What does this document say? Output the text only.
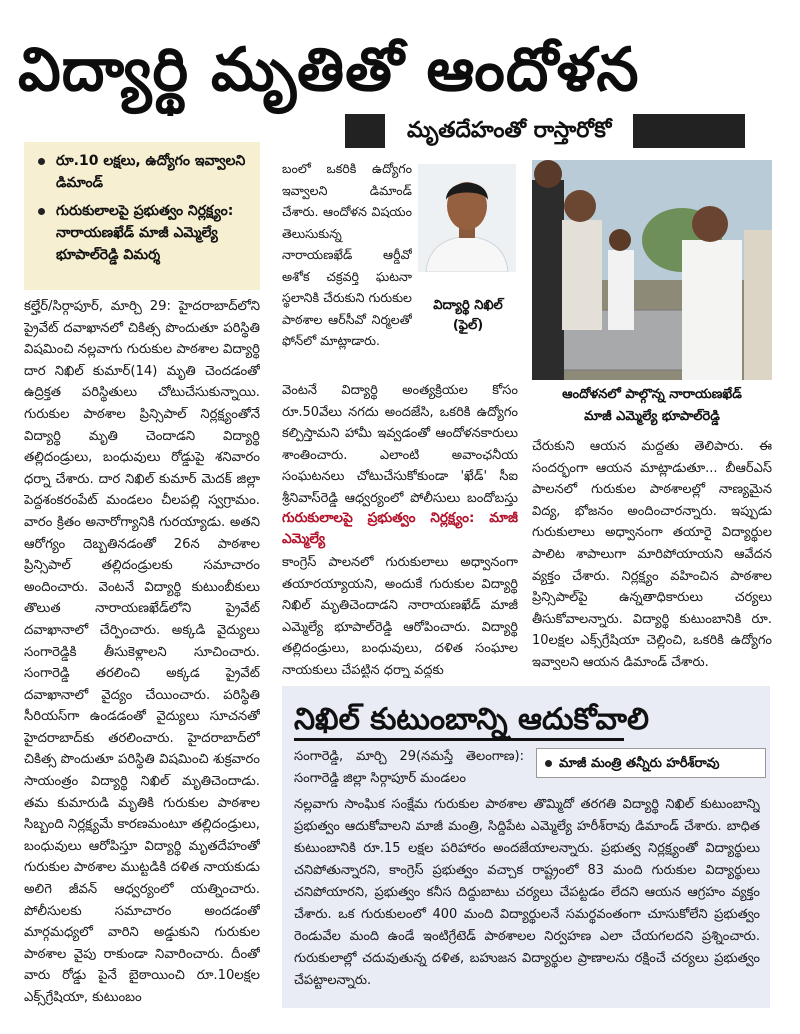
విద్యార్థి మృతితో ఆందోళన
మృతదేహంతో రాస్తారోకో
రూ.10 లక్షలు, ఉద్యోగం ఇవ్వాలని డిమాండ్
గురుకులాలపై ప్రభుత్వం నిర్లక్ష్యం: నారాయణఖేడ్ మాజీ ఎమ్మెల్యే భూపాల్‌రెడ్డి విమర్శ

కల్హేర్/సిర్గాపూర్, మార్చి 29: హైదరాబాద్‌లోని ప్రైవేట్ దవాఖానలో చికిత్స పొందుతూ పరిస్థితి విషమించి నల్లవాగు గురుకుల పాఠశాల విద్యార్థి దార నిఖిల్ కుమార్(14) మృతి చెందడంతో ఉద్రిక్తత పరిస్థితులు చోటుచేసుకున్నాయి. గురుకుల పాఠశాల ప్రిన్సిపాల్ నిర్లక్ష్యంతోనే విద్యార్థి మృతి చెందాడని విద్యార్థి తల్లిదండ్రులు, బంధువులు రోడ్డుపై శనివారం ధర్నా చేశారు. దార నిఖిల్ కుమార్ మెదక్ జిల్లా పెద్దశంకరంపేట్ మండలం చీలపల్లి స్వగ్రామం. వారం క్రితం అనారోగ్యానికి గురయ్యాడు. అతని ఆరోగ్యం దెబ్బతినడంతో 26న పాఠశాల ప్రిన్సిపాల్ తల్లిదండ్రులకు సమాచారం అందించారు. వెంటనే విద్యార్థి కుటుంబీకులు తొలుత నారాయణఖేడ్‌లోని ప్రైవేట్ దవాఖానాలో చేర్పించారు. అక్కడి వైద్యులు సంగారెడ్డికి తీసుకెళ్లాలని సూచించారు. సంగారెడ్డి తరలించి అక్కడ ప్రైవేట్ దవాఖానాలో వైద్యం చేయించారు. పరిస్థితి సీరియస్‌గా ఉండడంతో వైద్యులు సూచనతో హైదరాబాద్‌కు తరలించారు. హైదరాబాద్‌లో చికిత్స పొందుతూ పరిస్థితి విషమించి శుక్రవారం సాయంత్రం విద్యార్థి నిఖిల్ మృతిచెందాడు. తమ కుమారుడి మృతికి గురుకుల పాఠశాల సిబ్బంది నిర్లక్ష్యమే కారణమంటూ తల్లిదండ్రులు, బంధువులు ఆరోపిస్తూ విద్యార్థి మృతదేహంతో గురుకుల పాఠశాల ముట్టడికి దళిత నాయకుడు అలిగె జీవన్ ఆధ్వర్యంలో యత్నించారు. పోలీసులకు సమాచారం అందడంతో మార్గమధ్యలో వారిని అడ్డుకుని గురుకుల పాఠశాల వైపు రాకుండా నివారించారు. దీంతో వారు రోడ్డు పైనే బైఠాయించి రూ.10లక్షల ఎక్స్‌గ్రేషియా, కుటుంబం

బంలో ఒకరికి ఉద్యోగం ఇవ్వాలని డిమాండ్ చేశారు. ఆందోళన విషయం తెలుసుకున్న నారాయణఖేడ్ ఆర్డీవో అశోక చక్రవర్తి ఘటనా స్థలానికి చేరుకుని గురుకుల పాఠశాల ఆర్‌సీవో నిర్మలతో ఫోన్‌లో మాట్లాడారు.

విద్యార్థి నిఖిల్ (ఫైల్)

వెంటనే విద్యార్థి అంత్యక్రియల కోసం రూ.50వేలు నగదు అందజేసి, ఒకరికి ఉద్యోగం కల్పిస్తామని హామీ ఇవ్వడంతో ఆందోళనకారులు శాంతించారు. ఎలాంటి అవాంఛనీయ సంఘటనలు చోటుచేసుకోకుండా 'ఖేడ్' సీఐ శ్రీనివాస్‌రెడ్డి ఆధ్వర్యంలో పోలీసులు బందోబస్తు

గురుకులాలపై ప్రభుత్వం నిర్లక్ష్యం: మాజీ ఎమ్మెల్యే

కాంగ్రెస్ పాలనలో గురుకులాలు అధ్వానంగా తయారయ్యాయని, అందుకే గురుకుల విద్యార్థి నిఖిల్ మృతిచెందాడని నారాయణఖేడ్ మాజీ ఎమ్మెల్యే భూపాల్‌రెడ్డి ఆరోపించారు. విద్యార్థి తల్లిదండ్రులు, బంధువులు, దళిత సంఘాల నాయకులు చేపట్టిన ధర్నా వద్దకు

ఆందోళనలో పాల్గొన్న నారాయణఖేడ్ మాజీ ఎమ్మెల్యే భూపాల్‌రెడ్డి

చేరుకుని ఆయన మద్దతు తెలిపారు. ఈ సందర్భంగా ఆయన మాట్లాడుతూ... బీఆర్‌ఎస్ పాలనలో గురుకుల పాఠశాలల్లో నాణ్యమైన విద్య, భోజనం అందించారన్నారు. ఇప్పుడు గురుకులాలు అధ్వానంగా తయారై విద్యార్థుల పాలిట శాపాలుగా మారిపోయాయని ఆవేదన వ్యక్తం చేశారు. నిర్లక్ష్యం వహించిన పాఠశాల ప్రిన్సిపాల్‌పై ఉన్నతాధికారులు చర్యలు తీసుకోవాలన్నారు. విద్యార్థి కుటుంబానికి రూ. 10లక్షల ఎక్స్‌గ్రేషియా చెల్లించి, ఒకరికి ఉద్యోగం ఇవ్వాలని ఆయన డిమాండ్ చేశారు.

నిఖిల్ కుటుంబాన్ని ఆదుకోవాలి

సంగారెడ్డి, మార్చి 29(నమస్తే తెలంగాణ): సంగారెడ్డి జిల్లా సిర్గాపూర్ మండలం

మాజీ మంత్రి తన్నీరు హరీశ్‌రావు

నల్లవాగు సాంఘిక సంక్షేమ గురుకుల పాఠశాల తొమ్మిదో తరగతి విద్యార్థి నిఖిల్ కుటుంబాన్ని ప్రభుత్వం ఆదుకోవాలని మాజీ మంత్రి, సిద్దిపేట ఎమ్మెల్యే హరీశ్‌రావు డిమాండ్ చేశారు. బాధిత కుటుంబానికి రూ.15 లక్షల పరిహారం అందజేయాలన్నారు. ప్రభుత్వ నిర్లక్ష్యంతో విద్యార్థులు చనిపోతున్నారని, కాంగ్రెస్ ప్రభుత్వం వచ్చాక రాష్ట్రంలో 83 మంది గురుకుల విద్యార్థులు చనిపోయారని, ప్రభుత్వం కనీస దిద్దుబాటు చర్యలు చేపట్టడం లేదని ఆయన ఆగ్రహం వ్యక్తం చేశారు. ఒక గురుకులంలో 400 మంది విద్యార్థులనే సమర్థవంతంగా చూసుకోలేని ప్రభుత్వం రెండువేల మంది ఉండే ఇంటిగ్రేటెడ్ పాఠశాలల నిర్వహణ ఎలా చేయగలదని ప్రశ్నించారు. గురుకులాల్లో చదువుతున్న దళిత, బహుజన విద్యార్థుల ప్రాణాలను రక్షించే చర్యలు ప్రభుత్వం చేపట్టాలన్నారు.
